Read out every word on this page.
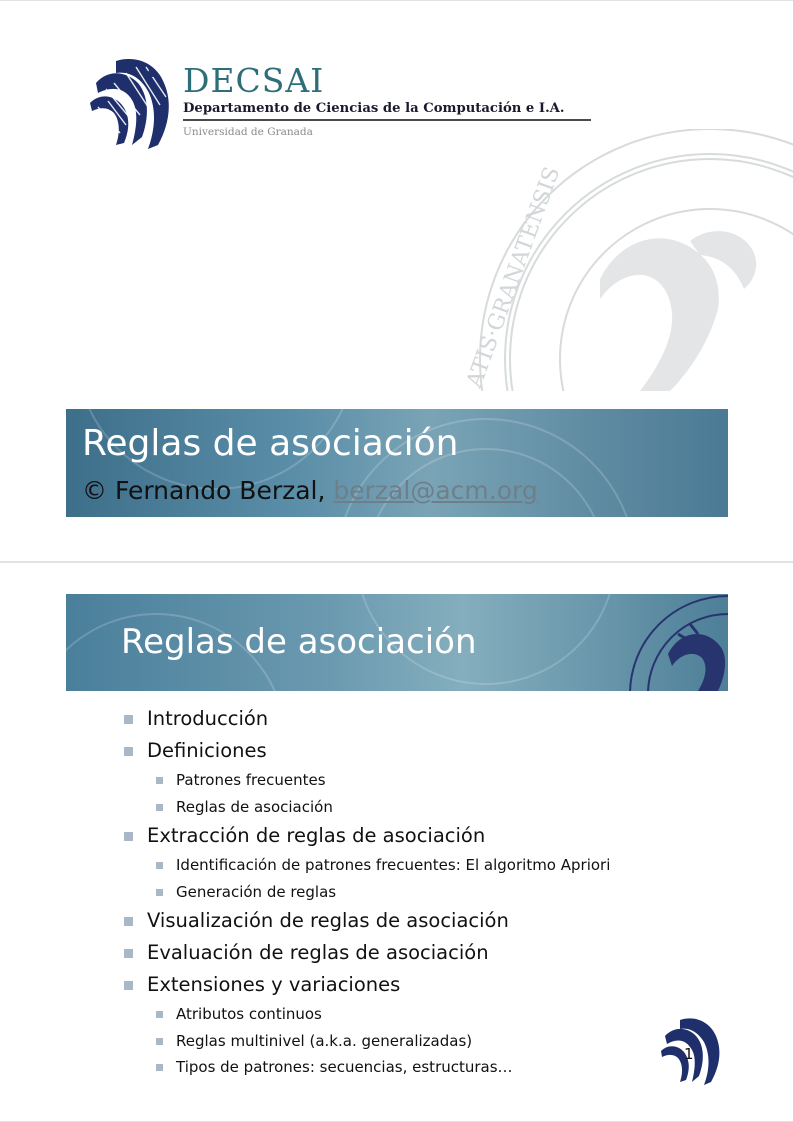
DECSAI
Departamento de Ciencias de la Computación e I.A.
Universidad de Granada
ATIS·GRANATENSIS
Reglas de asociación
© Fernando Berzal, berzal@acm.org
Reglas de asociación
Introducción
Definiciones
Patrones frecuentes
Reglas de asociación
Extracción de reglas de asociación
Identificación de patrones frecuentes: El algoritmo Apriori
Generación de reglas
Visualización de reglas de asociación
Evaluación de reglas de asociación
Extensiones y variaciones
Atributos continuos
Reglas multinivel (a.k.a. generalizadas)
Tipos de patrones: secuencias, estructuras…
1
